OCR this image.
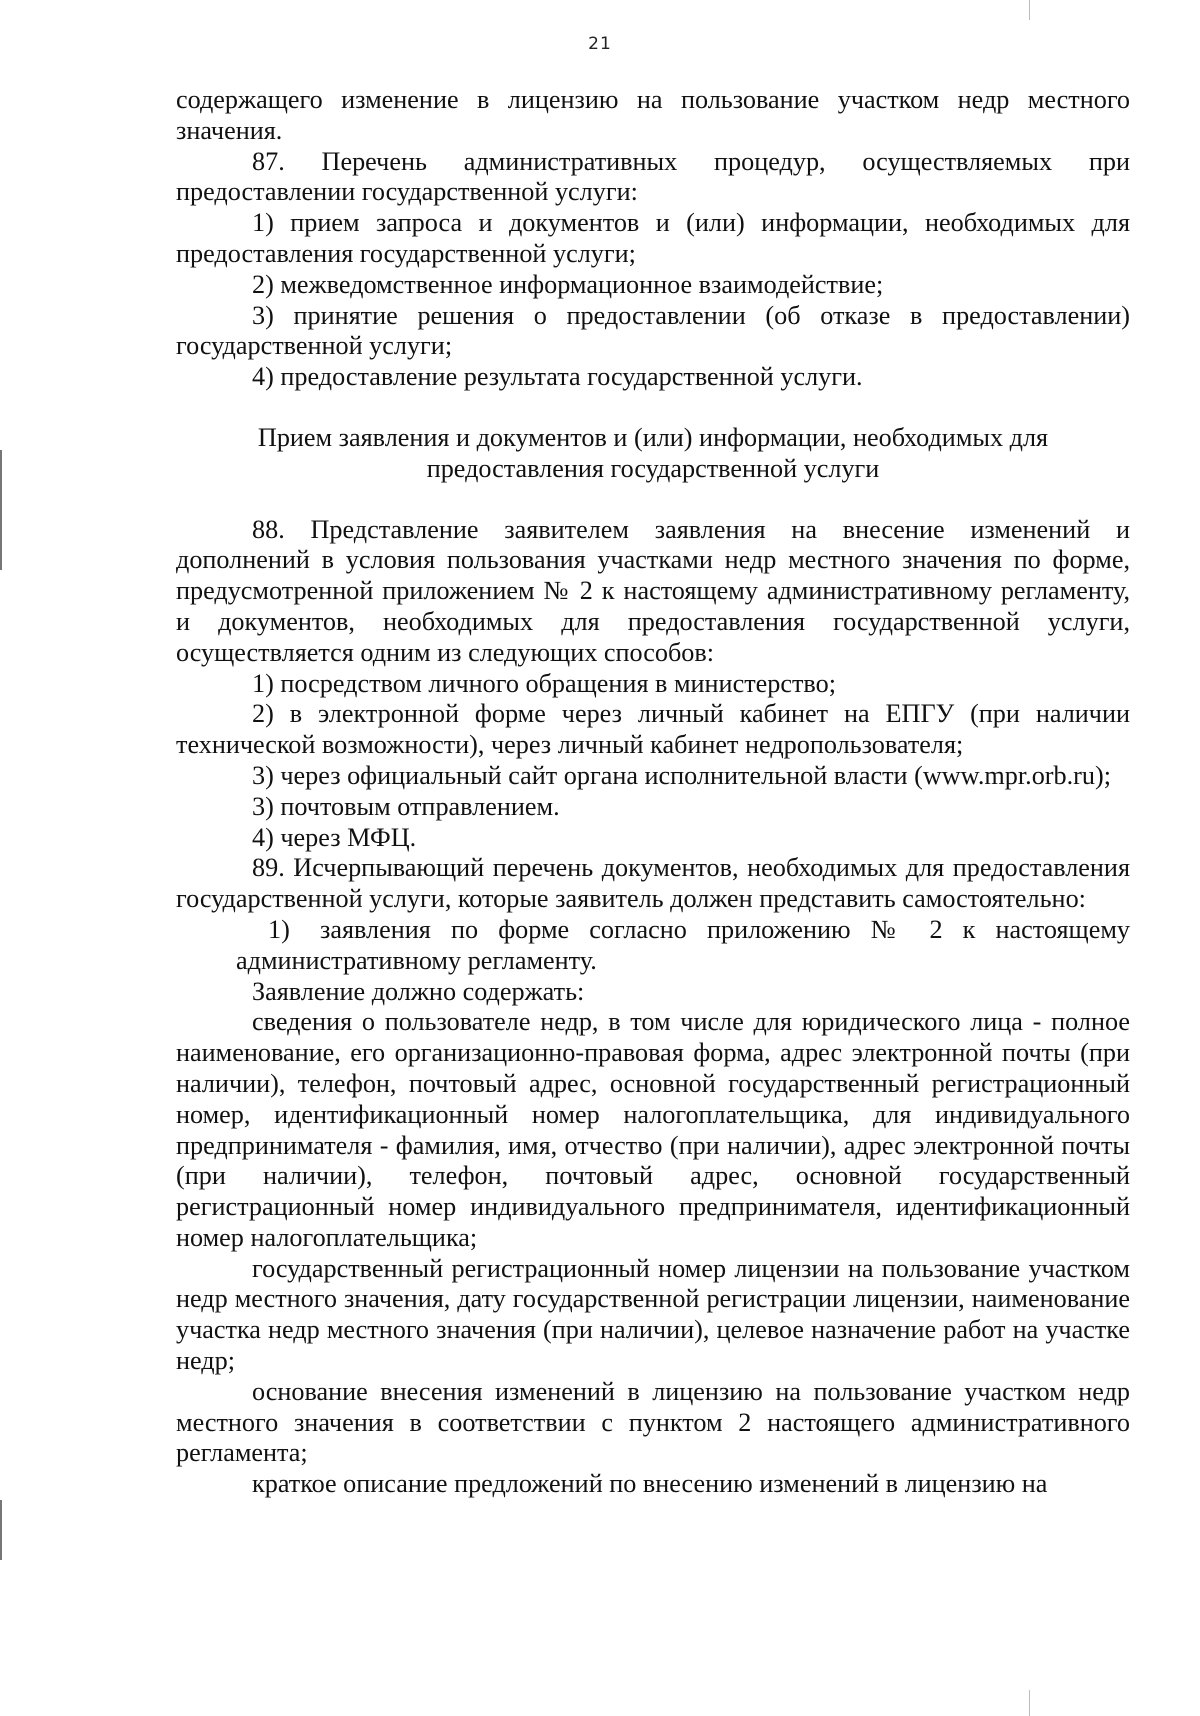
21

содержащего изменение в лицензию на пользование участком недр местного значения.

87. Перечень административных процедур, осуществляемых при предоставлении государственной услуги:

1) прием запроса и документов и (или) информации, необходимых для предоставления государственной услуги;

2) межведомственное информационное взаимодействие;

3) принятие решения о предоставлении (об отказе в предоставлении) государственной услуги;

4) предоставление результата государственной услуги.

Прием заявления и документов и (или) информации, необходимых для предоставления государственной услуги

88. Представление заявителем заявления на внесение изменений и дополнений в условия пользования участками недр местного значения по форме, предусмотренной приложением № 2 к настоящему административному регламенту, и документов, необходимых для предоставления государственной услуги, осуществляется одним из следующих способов:

1) посредством личного обращения в министерство;

2) в электронной форме через личный кабинет на ЕПГУ (при наличии технической возможности), через личный кабинет недропользователя;

3) через официальный сайт органа исполнительной власти (www.mpr.orb.ru);

3) почтовым отправлением.

4) через МФЦ.

89. Исчерпывающий перечень документов, необходимых для предоставления государственной услуги, которые заявитель должен представить самостоятельно:

1) заявления по форме согласно приложению № 2 к настоящему административному регламенту.

Заявление должно содержать:

сведения о пользователе недр, в том числе для юридического лица - полное наименование, его организационно-правовая форма, адрес электронной почты (при наличии), телефон, почтовый адрес, основной государственный регистрационный номер, идентификационный номер налогоплательщика, для индивидуального предпринимателя - фамилия, имя, отчество (при наличии), адрес электронной почты (при наличии), телефон, почтовый адрес, основной государственный регистрационный номер индивидуального предпринимателя, идентификационный номер налогоплательщика;

государственный регистрационный номер лицензии на пользование участком недр местного значения, дату государственной регистрации лицензии, наименование участка недр местного значения (при наличии), целевое назначение работ на участке недр;

основание внесения изменений в лицензию на пользование участком недр местного значения в соответствии с пунктом 2 настоящего административного регламента;

краткое описание предложений по внесению изменений в лицензию на
